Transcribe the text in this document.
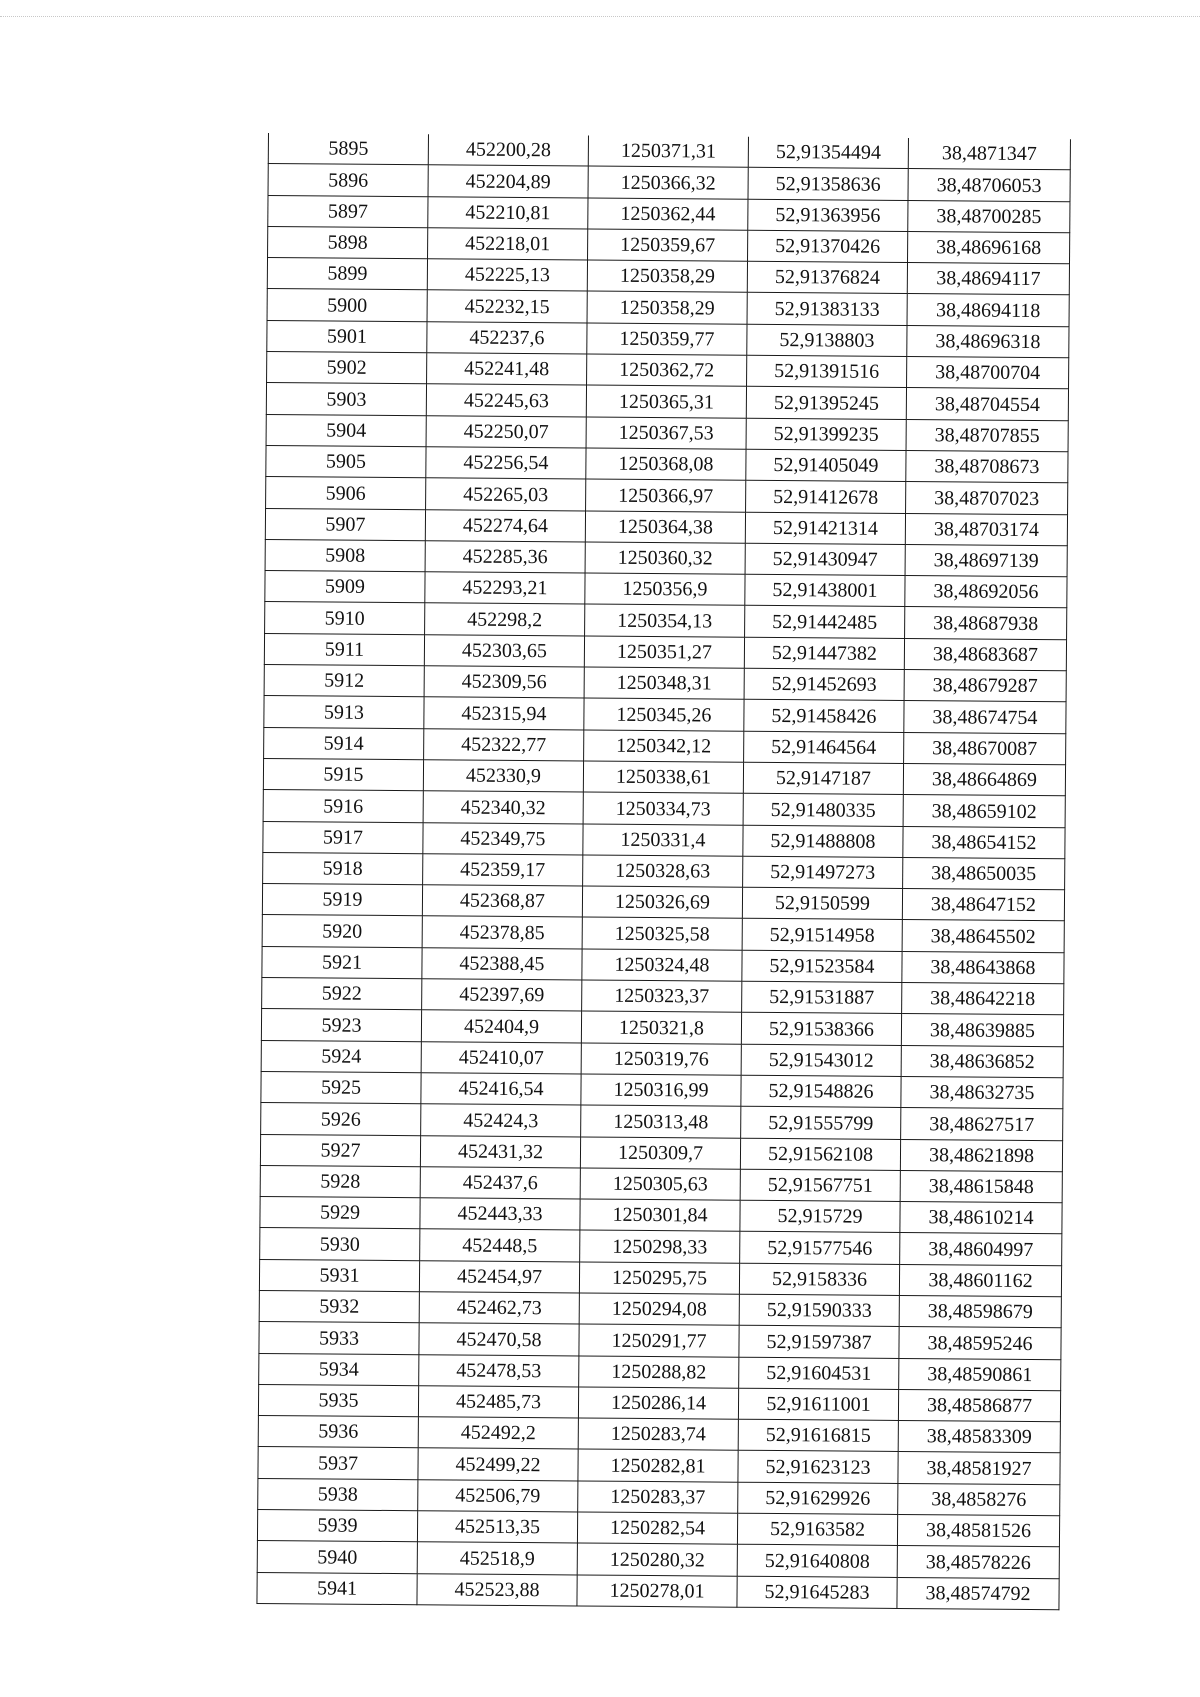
5895	452200,28	1250371,31	52,91354494	38,4871347
5896	452204,89	1250366,32	52,91358636	38,48706053
5897	452210,81	1250362,44	52,91363956	38,48700285
5898	452218,01	1250359,67	52,91370426	38,48696168
5899	452225,13	1250358,29	52,91376824	38,48694117
5900	452232,15	1250358,29	52,91383133	38,48694118
5901	452237,6	1250359,77	52,9138803	38,48696318
5902	452241,48	1250362,72	52,91391516	38,48700704
5903	452245,63	1250365,31	52,91395245	38,48704554
5904	452250,07	1250367,53	52,91399235	38,48707855
5905	452256,54	1250368,08	52,91405049	38,48708673
5906	452265,03	1250366,97	52,91412678	38,48707023
5907	452274,64	1250364,38	52,91421314	38,48703174
5908	452285,36	1250360,32	52,91430947	38,48697139
5909	452293,21	1250356,9	52,91438001	38,48692056
5910	452298,2	1250354,13	52,91442485	38,48687938
5911	452303,65	1250351,27	52,91447382	38,48683687
5912	452309,56	1250348,31	52,91452693	38,48679287
5913	452315,94	1250345,26	52,91458426	38,48674754
5914	452322,77	1250342,12	52,91464564	38,48670087
5915	452330,9	1250338,61	52,9147187	38,48664869
5916	452340,32	1250334,73	52,91480335	38,48659102
5917	452349,75	1250331,4	52,91488808	38,48654152
5918	452359,17	1250328,63	52,91497273	38,48650035
5919	452368,87	1250326,69	52,9150599	38,48647152
5920	452378,85	1250325,58	52,91514958	38,48645502
5921	452388,45	1250324,48	52,91523584	38,48643868
5922	452397,69	1250323,37	52,91531887	38,48642218
5923	452404,9	1250321,8	52,91538366	38,48639885
5924	452410,07	1250319,76	52,91543012	38,48636852
5925	452416,54	1250316,99	52,91548826	38,48632735
5926	452424,3	1250313,48	52,91555799	38,48627517
5927	452431,32	1250309,7	52,91562108	38,48621898
5928	452437,6	1250305,63	52,91567751	38,48615848
5929	452443,33	1250301,84	52,915729	38,48610214
5930	452448,5	1250298,33	52,91577546	38,48604997
5931	452454,97	1250295,75	52,9158336	38,48601162
5932	452462,73	1250294,08	52,91590333	38,48598679
5933	452470,58	1250291,77	52,91597387	38,48595246
5934	452478,53	1250288,82	52,91604531	38,48590861
5935	452485,73	1250286,14	52,91611001	38,48586877
5936	452492,2	1250283,74	52,91616815	38,48583309
5937	452499,22	1250282,81	52,91623123	38,48581927
5938	452506,79	1250283,37	52,91629926	38,4858276
5939	452513,35	1250282,54	52,9163582	38,48581526
5940	452518,9	1250280,32	52,91640808	38,48578226
5941	452523,88	1250278,01	52,91645283	38,48574792
